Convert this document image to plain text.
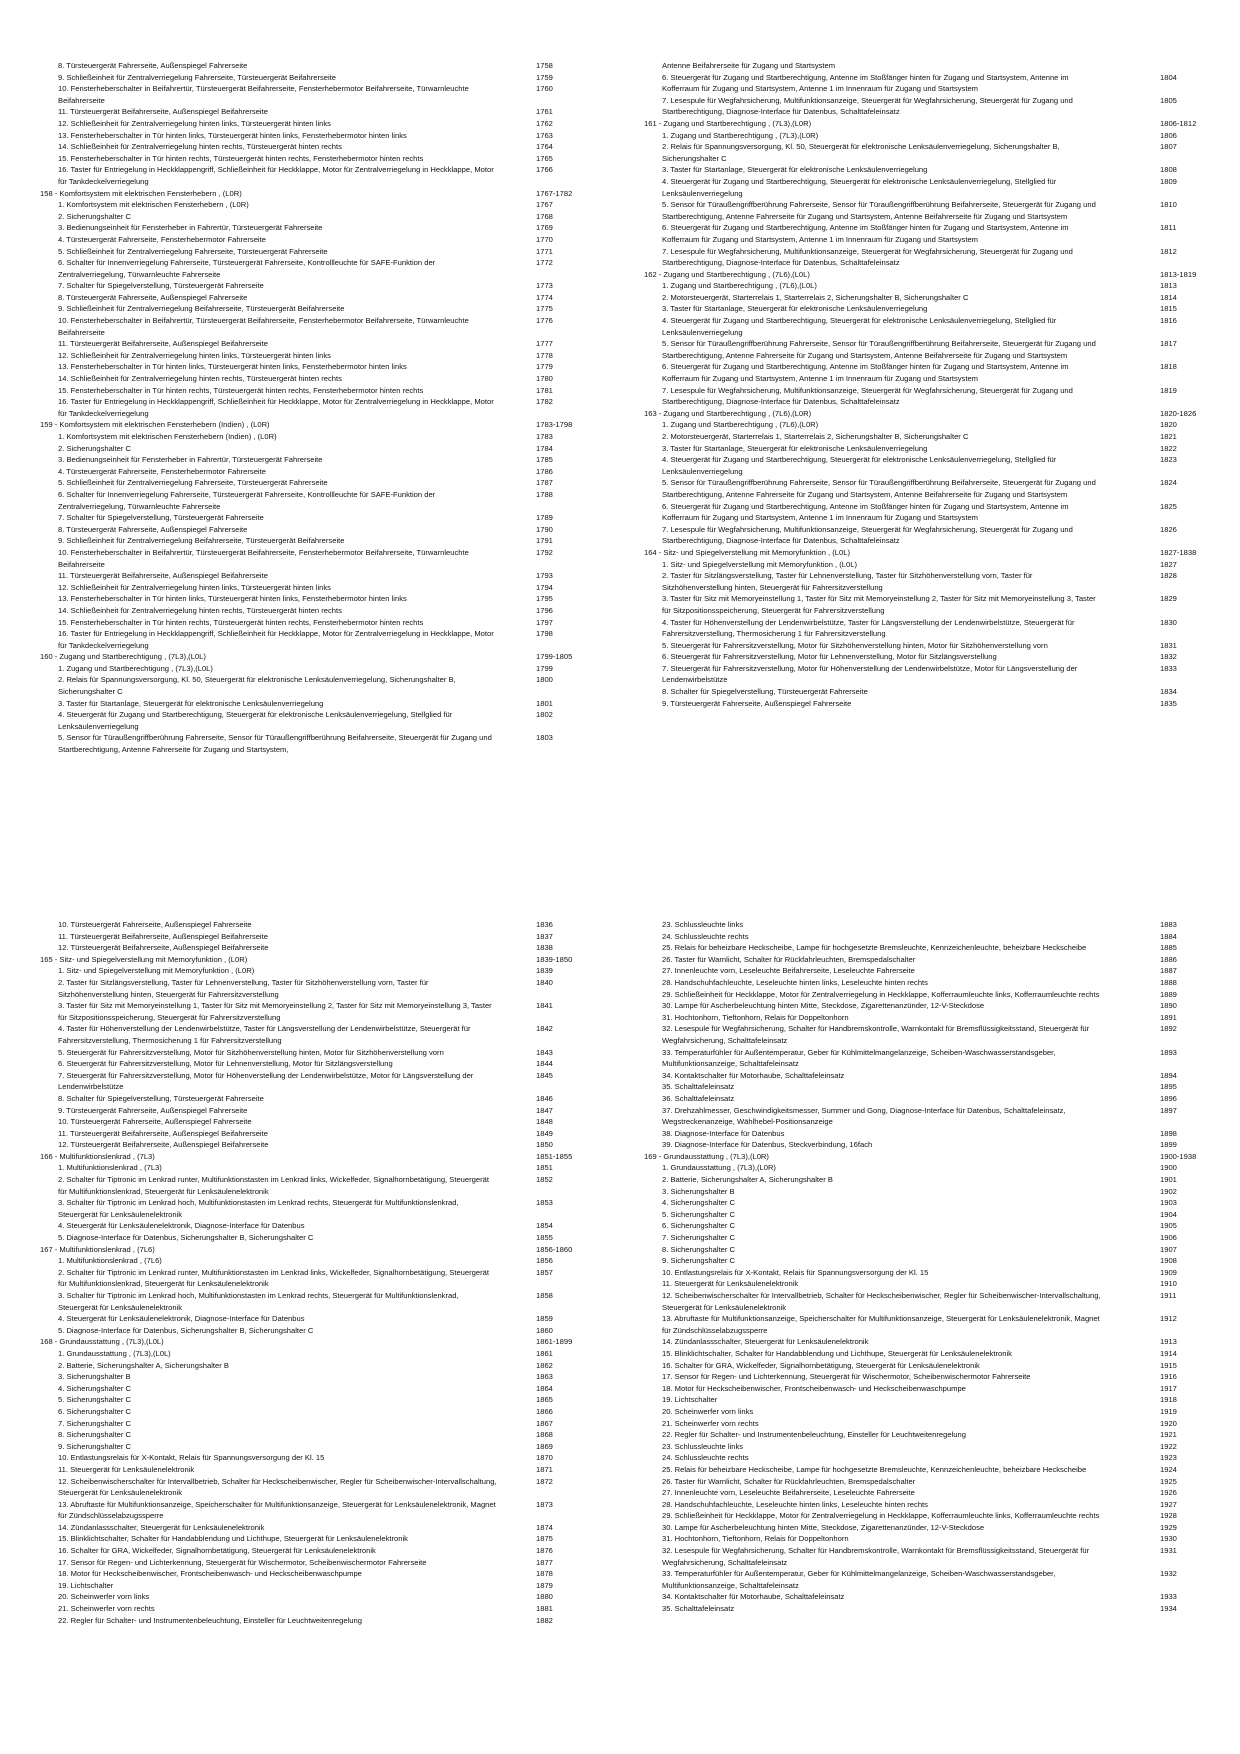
8. Türsteuergerät Fahrerseite, Außenspiegel Fahrerseite	1758
9. Schließeinheit für Zentralverriegelung Fahrerseite, Türsteuergerät Beifahrerseite	1759
10. Fensterheberschalter in Beifahrertür, Türsteuergerät Beifahrerseite, Fensterhebermotor Beifahrerseite, Türwarnleuchte Beifahrerseite
1760
11. Türsteuergerät Beifahrerseite, Außenspiegel Beifahrerseite	1761
12. Schließeinheit für Zentralverriegelung hinten links, Türsteuergerät hinten links	1762
13. Fensterheberschalter in Tür hinten links, Türsteuergerät hinten links, Fensterhebermotor hinten links	1763
14. Schließeinheit für Zentralverriegelung hinten rechts, Türsteuergerät hinten rechts	1764
15. Fensterheberschalter in Tür hinten rechts, Türsteuergerät hinten rechts, Fensterhebermotor hinten rechts	1765
16. Taster für Entriegelung in Heckklappengriff, Schließeinheit für Heckklappe, Motor für Zentralverriegelung in Heckklappe, Motor für Tankdeckelverriegelung
1766
158 - Komfortsystem mit elektrischen Fensterhebern , (L0R)	1767-1782
1. Komfortsystem mit elektrischen Fensterhebern , (L0R)	1767
2. Sicherungshalter C	1768
3. Bedienungseinheit für Fensterheber in Fahrertür, Türsteuergerät Fahrerseite	1769
4. Türsteuergerät Fahrerseite, Fensterhebermotor Fahrerseite	1770
5. Schließeinheit für Zentralverriegelung Fahrerseite, Türsteuergerät Fahrerseite	1771
6. Schalter für Innenverriegelung Fahrerseite, Türsteuergerät Fahrerseite, Kontrollleuchte für SAFE-Funktion der Zentralverriegelung, Türwarnleuchte Fahrerseite
1772
7. Schalter für Spiegelverstellung, Türsteuergerät Fahrerseite	1773
8. Türsteuergerät Fahrerseite, Außenspiegel Fahrerseite	1774
9. Schließeinheit für Zentralverriegelung Beifahrerseite, Türsteuergerät Beifahrerseite	1775
10. Fensterheberschalter in Beifahrertür, Türsteuergerät Beifahrerseite, Fensterhebermotor Beifahrerseite, Türwarnleuchte Beifahrerseite
1776
11. Türsteuergerät Beifahrerseite, Außenspiegel Beifahrerseite	1777
12. Schließeinheit für Zentralverriegelung hinten links, Türsteuergerät hinten links	1778
13. Fensterheberschalter in Tür hinten links, Türsteuergerät hinten links, Fensterhebermotor hinten links	1779
14. Schließeinheit für Zentralverriegelung hinten rechts, Türsteuergerät hinten rechts	1780
15. Fensterheberschalter in Tür hinten rechts, Türsteuergerät hinten rechts, Fensterhebermotor hinten rechts	1781
16. Taster für Entriegelung in Heckklappengriff, Schließeinheit für Heckklappe, Motor für Zentralverriegelung in Heckklappe, Motor für Tankdeckelverriegelung
1782
159 - Komfortsystem mit elektrischen Fensterhebern (Indien) , (L0R)	1783-1798
1. Komfortsystem mit elektrischen Fensterhebern (Indien) , (L0R)	1783
2. Sicherungshalter C	1784
3. Bedienungseinheit für Fensterheber in Fahrertür, Türsteuergerät Fahrerseite	1785
4. Türsteuergerät Fahrerseite, Fensterhebermotor Fahrerseite	1786
5. Schließeinheit für Zentralverriegelung Fahrerseite, Türsteuergerät Fahrerseite	1787
6. Schalter für Innenverriegelung Fahrerseite, Türsteuergerät Fahrerseite, Kontrollleuchte für SAFE-Funktion der Zentralverriegelung, Türwarnleuchte Fahrerseite
1788
7. Schalter für Spiegelverstellung, Türsteuergerät Fahrerseite	1789
8. Türsteuergerät Fahrerseite, Außenspiegel Fahrerseite	1790
9. Schließeinheit für Zentralverriegelung Beifahrerseite, Türsteuergerät Beifahrerseite	1791
10. Fensterheberschalter in Beifahrertür, Türsteuergerät Beifahrerseite, Fensterhebermotor Beifahrerseite, Türwarnleuchte Beifahrerseite
1792
11. Türsteuergerät Beifahrerseite, Außenspiegel Beifahrerseite	1793
12. Schließeinheit für Zentralverriegelung hinten links, Türsteuergerät hinten links	1794
13. Fensterheberschalter in Tür hinten links, Türsteuergerät hinten links, Fensterhebermotor hinten links	1795
14. Schließeinheit für Zentralverriegelung hinten rechts, Türsteuergerät hinten rechts	1796
15. Fensterheberschalter in Tür hinten rechts, Türsteuergerät hinten rechts, Fensterhebermotor hinten rechts	1797
16. Taster für Entriegelung in Heckklappengriff, Schließeinheit für Heckklappe, Motor für Zentralverriegelung in Heckklappe, Motor für Tankdeckelverriegelung
1798
160 - Zugang und Startberechtigung , (7L3),(L0L)	1799-1805
1. Zugang und Startberechtigung , (7L3),(L0L)	1799
2. Relais für Spannungsversorgung, Kl. 50, Steuergerät für elektronische Lenksäulenverriegelung, Sicherungshalter B, Sicherungshalter C
1800
3. Taster für Startanlage, Steuergerät für elektronische Lenksäulenverriegelung	1801
4. Steuergerät für Zugang und Startberechtigung, Steuergerät für elektronische Lenksäulenverriegelung, Stellglied für Lenksäulenverriegelung
1802
5. Sensor für Türaußengriffberührung Fahrerseite, Sensor für Türaußengriffberührung Beifahrerseite, Steuergerät für Zugang und Startberechtigung, Antenne Fahrerseite für Zugang und Startsystem,
1803
Antenne Beifahrerseite für Zugang und Startsystem
6. Steuergerät für Zugang und Startberechtigung, Antenne im Stoßfänger hinten für Zugang und Startsystem, Antenne im Kofferraum für Zugang und Startsystem, Antenne 1 im Innenraum für Zugang und Startsystem
1804
7. Lesespule für Wegfahrsicherung, Multifunktionsanzeige, Steuergerät für Wegfahrsicherung, Steuergerät für Zugang und Startberechtigung, Diagnose-Interface für Datenbus, Schalttafeleinsatz
1805
161 - Zugang und Startberechtigung , (7L3),(L0R)	1806-1812
1. Zugang und Startberechtigung , (7L3),(L0R)	1806
2. Relais für Spannungsversorgung, Kl. 50, Steuergerät für elektronische Lenksäulenverriegelung, Sicherungshalter B, Sicherungshalter C
1807
3. Taster für Startanlage, Steuergerät für elektronische Lenksäulenverriegelung	1808
4. Steuergerät für Zugang und Startberechtigung, Steuergerät für elektronische Lenksäulenverriegelung, Stellglied für Lenksäulenverriegelung
1809
5. Sensor für Türaußengriffberührung Fahrerseite, Sensor für Türaußengriffberührung Beifahrerseite, Steuergerät für Zugang und Startberechtigung, Antenne Fahrerseite für Zugang und Startsystem, Antenne Beifahrerseite für Zugang und Startsystem
1810
6. Steuergerät für Zugang und Startberechtigung, Antenne im Stoßfänger hinten für Zugang und Startsystem, Antenne im Kofferraum für Zugang und Startsystem, Antenne 1 im Innenraum für Zugang und Startsystem
1811
7. Lesespule für Wegfahrsicherung, Multifunktionsanzeige, Steuergerät für Wegfahrsicherung, Steuergerät für Zugang und Startberechtigung, Diagnose-Interface für Datenbus, Schalttafeleinsatz
1812
162 - Zugang und Startberechtigung , (7L6),(L0L)	1813-1819
1. Zugang und Startberechtigung , (7L6),(L0L)	1813
2. Motorsteuergerät, Starterrelais 1, Starterrelais 2, Sicherungshalter B, Sicherungshalter C	1814
3. Taster für Startanlage, Steuergerät für elektronische Lenksäulenverriegelung	1815
4. Steuergerät für Zugang und Startberechtigung, Steuergerät für elektronische Lenksäulenverriegelung, Stellglied für Lenksäulenverriegelung
1816
5. Sensor für Türaußengriffberührung Fahrerseite, Sensor für Türaußengriffberührung Beifahrerseite, Steuergerät für Zugang und Startberechtigung, Antenne Fahrerseite für Zugang und Startsystem, Antenne Beifahrerseite für Zugang und Startsystem
1817
6. Steuergerät für Zugang und Startberechtigung, Antenne im Stoßfänger hinten für Zugang und Startsystem, Antenne im Kofferraum für Zugang und Startsystem, Antenne 1 im Innenraum für Zugang und Startsystem
1818
7. Lesespule für Wegfahrsicherung, Multifunktionsanzeige, Steuergerät für Wegfahrsicherung, Steuergerät für Zugang und Startberechtigung, Diagnose-Interface für Datenbus, Schalttafeleinsatz
1819
163 - Zugang und Startberechtigung , (7L6),(L0R)	1820-1826
1. Zugang und Startberechtigung , (7L6),(L0R)	1820
2. Motorsteuergerät, Starterrelais 1, Starterrelais 2, Sicherungshalter B, Sicherungshalter C	1821
3. Taster für Startanlage, Steuergerät für elektronische Lenksäulenverriegelung	1822
4. Steuergerät für Zugang und Startberechtigung, Steuergerät für elektronische Lenksäulenverriegelung, Stellglied für Lenksäulenverriegelung
1823
5. Sensor für Türaußengriffberührung Fahrerseite, Sensor für Türaußengriffberührung Beifahrerseite, Steuergerät für Zugang und Startberechtigung, Antenne Fahrerseite für Zugang und Startsystem, Antenne Beifahrerseite für Zugang und Startsystem
1824
6. Steuergerät für Zugang und Startberechtigung, Antenne im Stoßfänger hinten für Zugang und Startsystem, Antenne im Kofferraum für Zugang und Startsystem, Antenne 1 im Innenraum für Zugang und Startsystem
1825
7. Lesespule für Wegfahrsicherung, Multifunktionsanzeige, Steuergerät für Wegfahrsicherung, Steuergerät für Zugang und Startberechtigung, Diagnose-Interface für Datenbus, Schalttafeleinsatz
1826
164 - Sitz- und Spiegelverstellung mit Memoryfunktion , (L0L)	1827-1838
1. Sitz- und Spiegelverstellung mit Memoryfunktion , (L0L)	1827
2. Taster für Sitzlängsverstellung, Taster für Lehnenverstellung, Taster für Sitzhöhenverstellung vorn, Taster für Sitzhöhenverstellung hinten, Steuergerät für Fahrersitzverstellung
1828
3. Taster für Sitz mit Memoryeinstellung 1, Taster für Sitz mit Memoryeinstellung 2, Taster für Sitz mit Memoryeinstellung 3, Taster für Sitzpositionsspeicherung, Steuergerät für Fahrersitzverstellung
1829
4. Taster für Höhenverstellung der Lendenwirbelstütze, Taster für Längsverstellung der Lendenwirbelstütze, Steuergerät für Fahrersitzverstellung, Thermosicherung 1 für Fahrersitzverstellung
1830
5. Steuergerät für Fahrersitzverstellung, Motor für Sitzhöhenverstellung hinten, Motor für Sitzhöhenverstellung vorn	1831
6. Steuergerät für Fahrersitzverstellung, Motor für Lehnenverstellung, Motor für Sitzlängsverstellung	1832
7. Steuergerät für Fahrersitzverstellung, Motor für Höhenverstellung der Lendenwirbelstütze, Motor für Längsverstellung der Lendenwirbelstütze
1833
8. Schalter für Spiegelverstellung, Türsteuergerät Fahrerseite	1834
9. Türsteuergerät Fahrerseite, Außenspiegel Fahrerseite	1835
10. Türsteuergerät Fahrerseite, Außenspiegel Fahrerseite	1836
11. Türsteuergerät Beifahrerseite, Außenspiegel Beifahrerseite	1837
12. Türsteuergerät Beifahrerseite, Außenspiegel Beifahrerseite	1838
165 - Sitz- und Spiegelverstellung mit Memoryfunktion , (L0R)	1839-1850
1. Sitz- und Spiegelverstellung mit Memoryfunktion , (L0R)	1839
2. Taster für Sitzlängsverstellung, Taster für Lehnenverstellung, Taster für Sitzhöhenverstellung vorn, Taster für Sitzhöhenverstellung hinten, Steuergerät für Fahrersitzverstellung
1840
3. Taster für Sitz mit Memoryeinstellung 1, Taster für Sitz mit Memoryeinstellung 2, Taster für Sitz mit Memoryeinstellung 3, Taster für Sitzpositionsspeicherung, Steuergerät für Fahrersitzverstellung
1841
4. Taster für Höhenverstellung der Lendenwirbelstütze, Taster für Längsverstellung der Lendenwirbelstütze, Steuergerät für Fahrersitzverstellung, Thermosicherung 1 für Fahrersitzverstellung
1842
5. Steuergerät für Fahrersitzverstellung, Motor für Sitzhöhenverstellung hinten, Motor für Sitzhöhenverstellung vorn	1843
6. Steuergerät für Fahrersitzverstellung, Motor für Lehnenverstellung, Motor für Sitzlängsverstellung	1844
7. Steuergerät für Fahrersitzverstellung, Motor für Höhenverstellung der Lendenwirbelstütze, Motor für Längsverstellung der Lendenwirbelstütze
1845
8. Schalter für Spiegelverstellung, Türsteuergerät Fahrerseite	1846
9. Türsteuergerät Fahrerseite, Außenspiegel Fahrerseite	1847
10. Türsteuergerät Fahrerseite, Außenspiegel Fahrerseite	1848
11. Türsteuergerät Beifahrerseite, Außenspiegel Beifahrerseite	1849
12. Türsteuergerät Beifahrerseite, Außenspiegel Beifahrerseite	1850
166 - Multifunktionslenkrad , (7L3)	1851-1855
1. Multifunktionslenkrad , (7L3)	1851
2. Schalter für Tiptronic im Lenkrad runter, Multifunktionstasten im Lenkrad links, Wickelfeder, Signalhornbetätigung, Steuergerät für Multifunktionslenkrad, Steuergerät für Lenksäulenelektronik
1852
3. Schalter für Tiptronic im Lenkrad hoch, Multifunktionstasten im Lenkrad rechts, Steuergerät für Multifunktionslenkrad, Steuergerät für Lenksäulenelektronik
1853
4. Steuergerät für Lenksäulenelektronik, Diagnose-Interface für Datenbus	1854
5. Diagnose-Interface für Datenbus, Sicherungshalter B, Sicherungshalter C	1855
167 - Multifunktionslenkrad , (7L6)	1856-1860
1. Multifunktionslenkrad , (7L6)	1856
2. Schalter für Tiptronic im Lenkrad runter, Multifunktionstasten im Lenkrad links, Wickelfeder, Signalhornbetätigung, Steuergerät für Multifunktionslenkrad, Steuergerät für Lenksäulenelektronik
1857
3. Schalter für Tiptronic im Lenkrad hoch, Multifunktionstasten im Lenkrad rechts, Steuergerät für Multifunktionslenkrad, Steuergerät für Lenksäulenelektronik
1858
4. Steuergerät für Lenksäulenelektronik, Diagnose-Interface für Datenbus	1859
5. Diagnose-Interface für Datenbus, Sicherungshalter B, Sicherungshalter C	1860
168 - Grundausstattung , (7L3),(L0L)	1861-1899
1. Grundausstattung , (7L3),(L0L)	1861
2. Batterie, Sicherungshalter A, Sicherungshalter B	1862
3. Sicherungshalter B	1863
4. Sicherungshalter C	1864
5. Sicherungshalter C	1865
6. Sicherungshalter C	1866
7. Sicherungshalter C	1867
8. Sicherungshalter C	1868
9. Sicherungshalter C	1869
10. Entlastungsrelais für X-Kontakt, Relais für Spannungsversorgung der Kl. 15	1870
11. Steuergerät für Lenksäulenelektronik	1871
12. Scheibenwischerschalter für Intervallbetrieb, Schalter für Heckscheibenwischer, Regler für Scheibenwischer-Intervallschaltung, Steuergerät für Lenksäulenelektronik
1872
13. Abruftaste für Multifunktionsanzeige, Speicherschalter für Multifunktionsanzeige, Steuergerät für Lenksäulenelektronik, Magnet für Zündschlüsselabzugssperre
1873
14. Zündanlassschalter, Steuergerät für Lenksäulenelektronik	1874
15. Blinklichtschalter, Schalter für Handabblendung und Lichthupe, Steuergerät für Lenksäulenelektronik	1875
16. Schalter für GRA, Wickelfeder, Signalhornbetätigung, Steuergerät für Lenksäulenelektronik	1876
17. Sensor für Regen- und Lichterkennung, Steuergerät für Wischermotor, Scheibenwischermotor Fahrerseite	1877
18. Motor für Heckscheibenwischer, Frontscheibenwasch- und Heckscheibenwaschpumpe	1878
19. Lichtschalter	1879
20. Scheinwerfer vorn links	1880
21. Scheinwerfer vorn rechts	1881
22. Regler für Schalter- und Instrumentenbeleuchtung, Einsteller für Leuchtweitenregelung	1882
23. Schlussleuchte links	1883
24. Schlussleuchte rechts	1884
25. Relais für beheizbare Heckscheibe, Lampe für hochgesetzte Bremsleuchte, Kennzeichenleuchte, beheizbare Heckscheibe	1885
26. Taster für Warnlicht, Schalter für Rückfahrleuchten, Bremspedalschalter	1886
27. Innenleuchte vorn, Leseleuchte Beifahrerseite, Leseleuchte Fahrerseite	1887
28. Handschuhfachleuchte, Leseleuchte hinten links, Leseleuchte hinten rechts	1888
29. Schließeinheit für Heckklappe, Motor für Zentralverriegelung in Heckklappe, Kofferraumleuchte links, Kofferraumleuchte rechts	1889
30. Lampe für Ascherbeleuchtung hinten Mitte, Steckdose, Zigarettenanzünder, 12-V-Steckdose	1890
31. Hochtonhorn, Tieftonhorn, Relais für Doppeltonhorn	1891
32. Lesespule für Wegfahrsicherung, Schalter für Handbremskontrolle, Warnkontakt für Bremsflüssigkeitsstand, Steuergerät für Wegfahrsicherung, Schalttafeleinsatz
1892
33. Temperaturfühler für Außentemperatur, Geber für Kühlmittelmangelanzeige, Scheiben-Waschwasserstandsgeber, Multifunktionsanzeige, Schalttafeleinsatz
1893
34. Kontaktschalter für Motorhaube, Schalttafeleinsatz	1894
35. Schalttafeleinsatz	1895
36. Schalttafeleinsatz	1896
37. Drehzahlmesser, Geschwindigkeitsmesser, Summer und Gong, Diagnose-Interface für Datenbus, Schalttafeleinsatz, Wegstreckenanzeige, Wählhebel-Positionsanzeige
1897
38. Diagnose-Interface für Datenbus	1898
39. Diagnose-Interface für Datenbus, Steckverbindung, 16fach	1899
169 - Grundausstattung , (7L3),(L0R)	1900-1938
1. Grundausstattung , (7L3),(L0R)	1900
2. Batterie, Sicherungshalter A, Sicherungshalter B	1901
3. Sicherungshalter B	1902
4. Sicherungshalter C	1903
5. Sicherungshalter C	1904
6. Sicherungshalter C	1905
7. Sicherungshalter C	1906
8. Sicherungshalter C	1907
9. Sicherungshalter C	1908
10. Entlastungsrelais für X-Kontakt, Relais für Spannungsversorgung der Kl. 15	1909
11. Steuergerät für Lenksäulenelektronik	1910
12. Scheibenwischerschalter für Intervallbetrieb, Schalter für Heckscheibenwischer, Regler für Scheibenwischer-Intervallschaltung, Steuergerät für Lenksäulenelektronik
1911
13. Abruftaste für Multifunktionsanzeige, Speicherschalter für Multifunktionsanzeige, Steuergerät für Lenksäulenelektronik, Magnet für Zündschlüsselabzugssperre
1912
14. Zündanlassschalter, Steuergerät für Lenksäulenelektronik	1913
15. Blinklichtschalter, Schalter für Handabblendung und Lichthupe, Steuergerät für Lenksäulenelektronik	1914
16. Schalter für GRA, Wickelfeder, Signalhornbetätigung, Steuergerät für Lenksäulenelektronik	1915
17. Sensor für Regen- und Lichterkennung, Steuergerät für Wischermotor, Scheibenwischermotor Fahrerseite	1916
18. Motor für Heckscheibenwischer, Frontscheibenwasch- und Heckscheibenwaschpumpe	1917
19. Lichtschalter	1918
20. Scheinwerfer vorn links	1919
21. Scheinwerfer vorn rechts	1920
22. Regler für Schalter- und Instrumentenbeleuchtung, Einsteller für Leuchtweitenregelung	1921
23. Schlussleuchte links	1922
24. Schlussleuchte rechts	1923
25. Relais für beheizbare Heckscheibe, Lampe für hochgesetzte Bremsleuchte, Kennzeichenleuchte, beheizbare Heckscheibe	1924
26. Taster für Warnlicht, Schalter für Rückfahrleuchten, Bremspedalschalter	1925
27. Innenleuchte vorn, Leseleuchte Beifahrerseite, Leseleuchte Fahrerseite	1926
28. Handschuhfachleuchte, Leseleuchte hinten links, Leseleuchte hinten rechts	1927
29. Schließeinheit für Heckklappe, Motor für Zentralverriegelung in Heckklappe, Kofferraumleuchte links, Kofferraumleuchte rechts	1928
30. Lampe für Ascherbeleuchtung hinten Mitte, Steckdose, Zigarettenanzünder, 12-V-Steckdose	1929
31. Hochtonhorn, Tieftonhorn, Relais für Doppeltonhorn	1930
32. Lesespule für Wegfahrsicherung, Schalter für Handbremskontrolle, Warnkontakt für Bremsflüssigkeitsstand, Steuergerät für Wegfahrsicherung, Schalttafeleinsatz
1931
33. Temperaturfühler für Außentemperatur, Geber für Kühlmittelmangelanzeige, Scheiben-Waschwasserstandsgeber, Multifunktionsanzeige, Schalttafeleinsatz
1932
34. Kontaktschalter für Motorhaube, Schalttafeleinsatz	1933
35. Schalttafeleinsatz	1934
